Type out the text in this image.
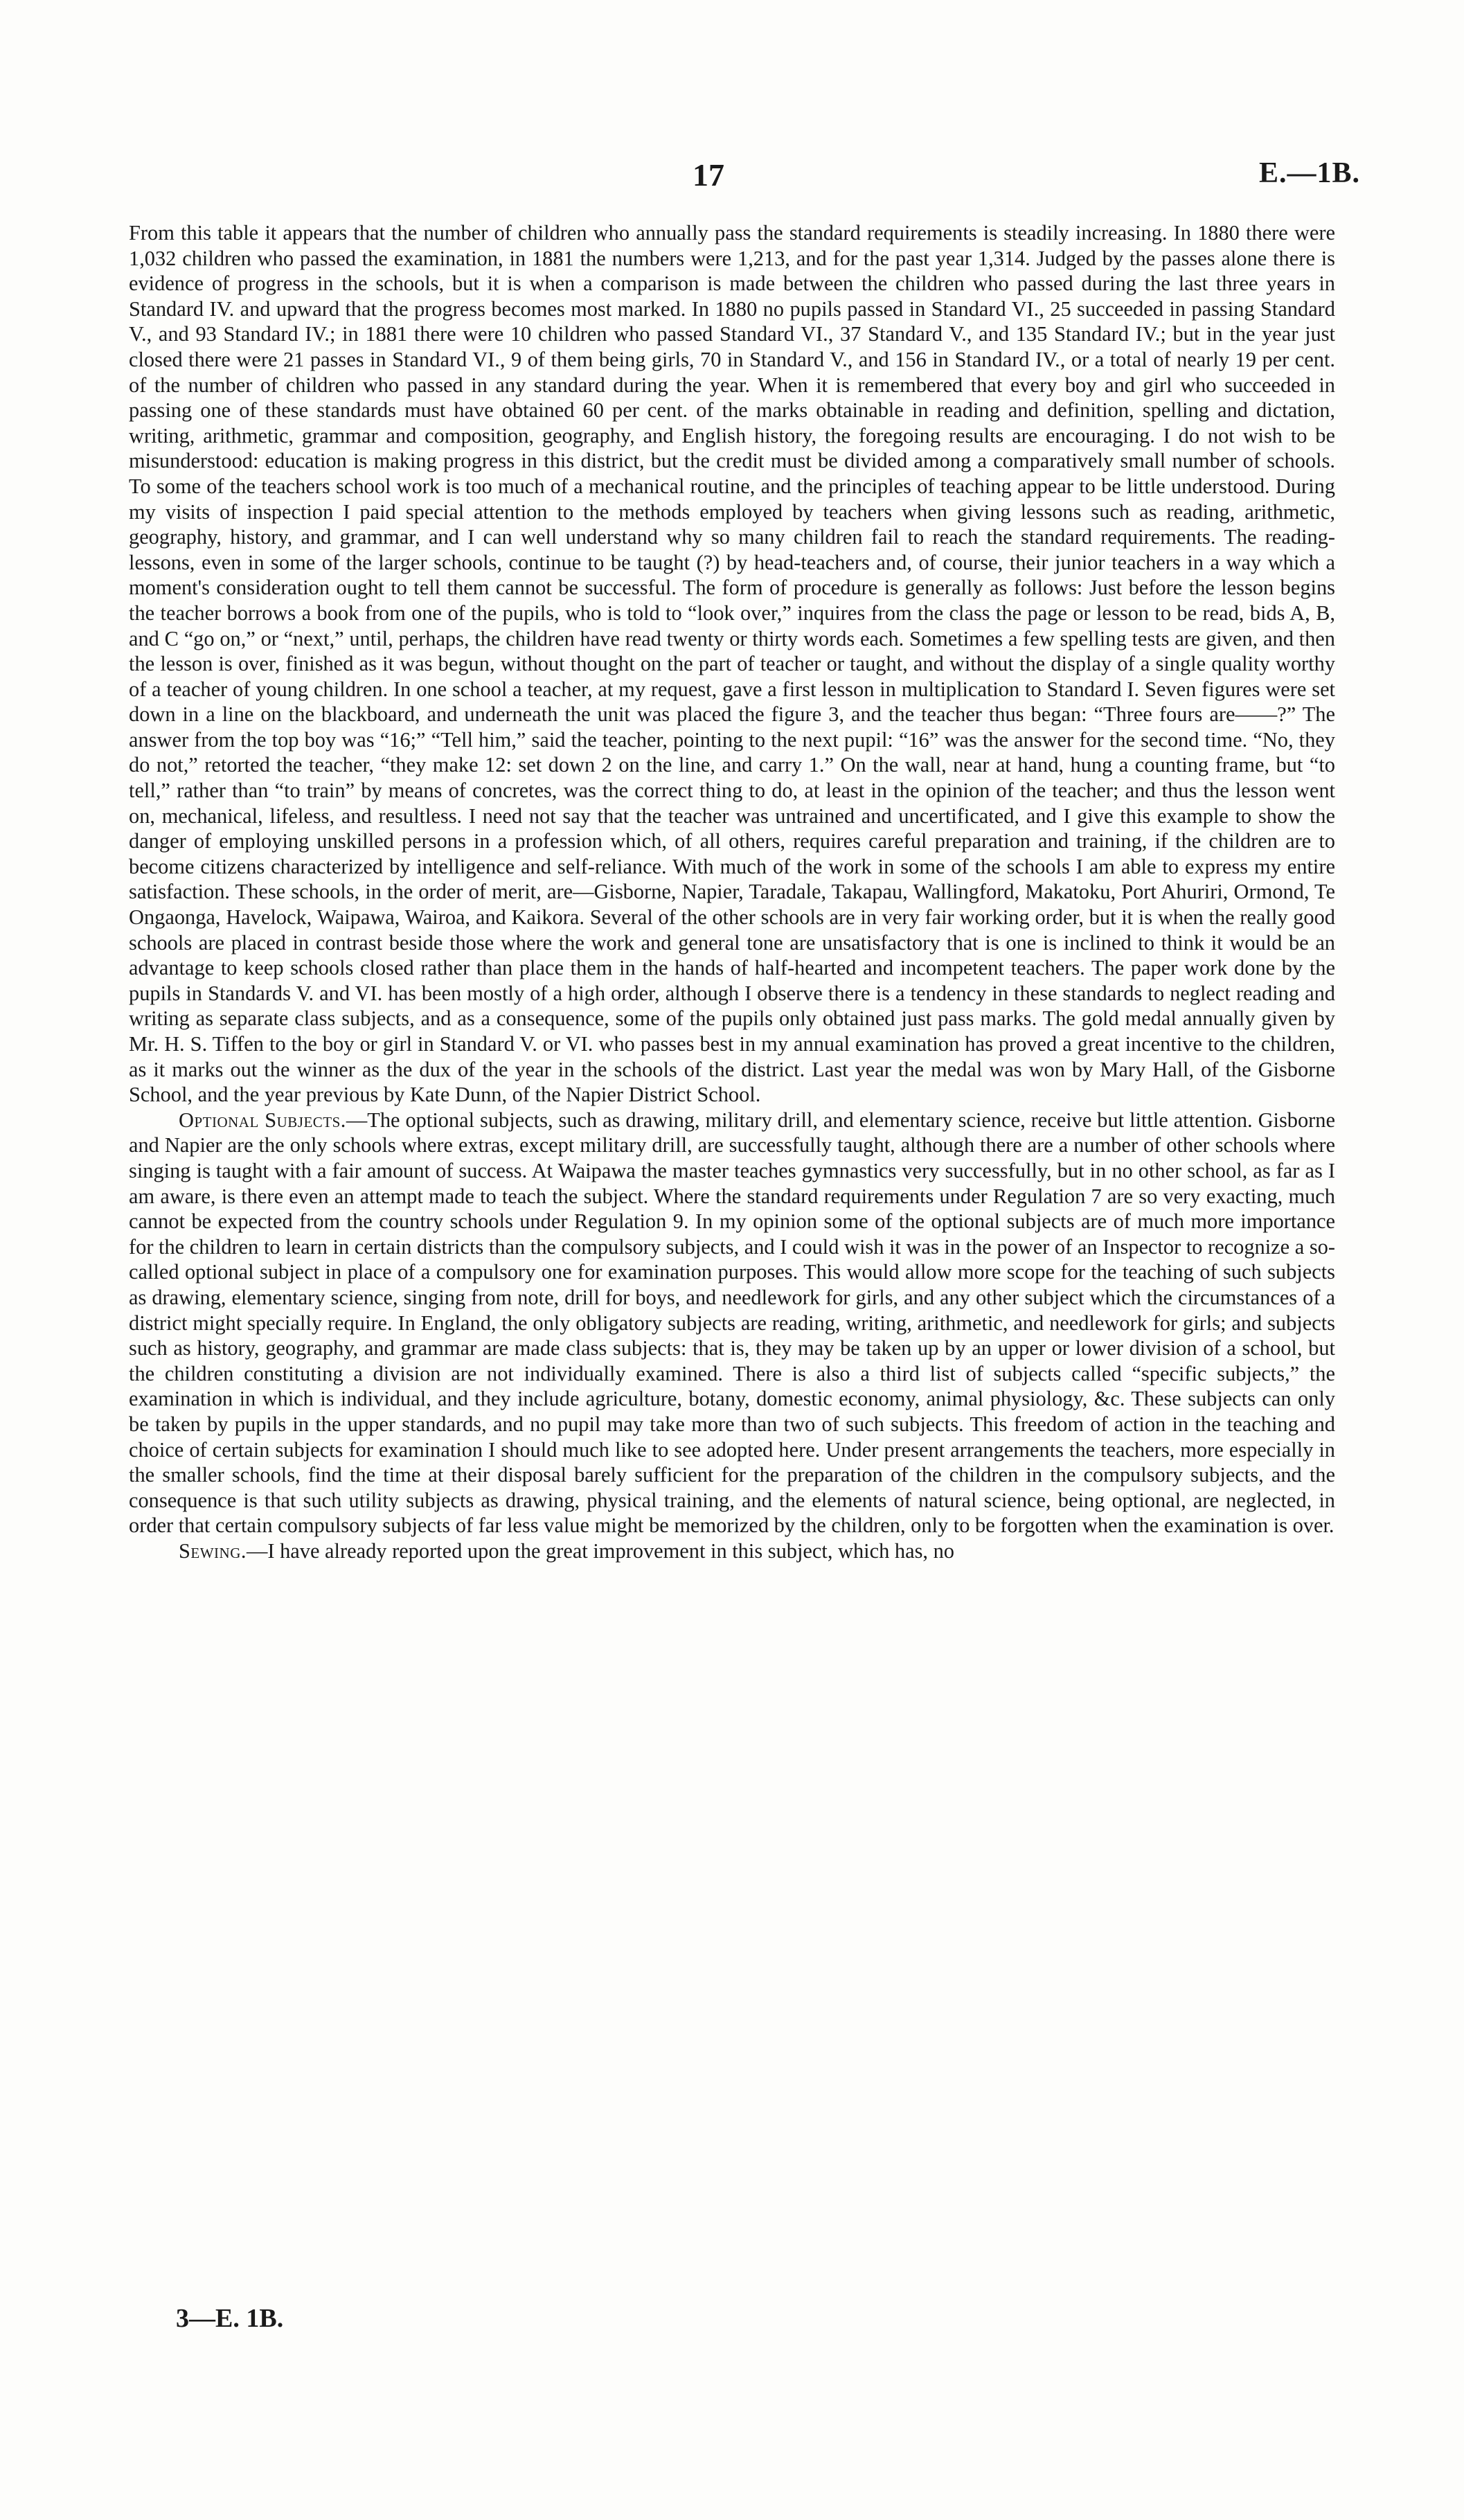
17	E.—1B.

From this table it appears that the number of children who annually pass the standard requirements is steadily increasing. In 1880 there were 1,032 children who passed the examination, in 1881 the numbers were 1,213, and for the past year 1,314. Judged by the passes alone there is evidence of progress in the schools, but it is when a comparison is made between the children who passed during the last three years in Standard IV. and upward that the progress becomes most marked. In 1880 no pupils passed in Standard VI., 25 succeeded in passing Standard V., and 93 Standard IV.; in 1881 there were 10 children who passed Standard VI., 37 Standard V., and 135 Standard IV.; but in the year just closed there were 21 passes in Standard VI., 9 of them being girls, 70 in Standard V., and 156 in Standard IV., or a total of nearly 19 per cent. of the number of children who passed in any standard during the year. When it is remembered that every boy and girl who succeeded in passing one of these standards must have obtained 60 per cent. of the marks obtainable in reading and definition, spelling and dictation, writing, arithmetic, grammar and composition, geography, and English history, the foregoing results are encouraging. I do not wish to be misunderstood: education is making progress in this district, but the credit must be divided among a comparatively small number of schools. To some of the teachers school work is too much of a mechanical routine, and the principles of teaching appear to be little understood. During my visits of inspection I paid special attention to the methods employed by teachers when giving lessons such as reading, arithmetic, geography, history, and grammar, and I can well understand why so many children fail to reach the standard requirements. The reading-lessons, even in some of the larger schools, continue to be taught (?) by head-teachers and, of course, their junior teachers in a way which a moment's consideration ought to tell them cannot be successful. The form of procedure is generally as follows: Just before the lesson begins the teacher borrows a book from one of the pupils, who is told to “look over,” inquires from the class the page or lesson to be read, bids A, B, and C “go on,” or “next,” until, perhaps, the children have read twenty or thirty words each. Sometimes a few spelling tests are given, and then the lesson is over, finished as it was begun, without thought on the part of teacher or taught, and without the display of a single quality worthy of a teacher of young children. In one school a teacher, at my request, gave a first lesson in multiplication to Standard I. Seven figures were set down in a line on the blackboard, and underneath the unit was placed the figure 3, and the teacher thus began: “Three fours are——?” The answer from the top boy was “16;” “Tell him,” said the teacher, pointing to the next pupil: “16” was the answer for the second time. “No, they do not,” retorted the teacher, “they make 12: set down 2 on the line, and carry 1.” On the wall, near at hand, hung a counting frame, but “to tell,” rather than “to train” by means of concretes, was the correct thing to do, at least in the opinion of the teacher; and thus the lesson went on, mechanical, lifeless, and resultless. I need not say that the teacher was untrained and uncertificated, and I give this example to show the danger of employing unskilled persons in a profession which, of all others, requires careful preparation and training, if the children are to become citizens characterized by intelligence and self-reliance. With much of the work in some of the schools I am able to express my entire satisfaction. These schools, in the order of merit, are—Gisborne, Napier, Taradale, Takapau, Wallingford, Makatoku, Port Ahuriri, Ormond, Te Ongaonga, Havelock, Waipawa, Wairoa, and Kaikora. Several of the other schools are in very fair working order, but it is when the really good schools are placed in contrast beside those where the work and general tone are unsatisfactory that is one is inclined to think it would be an advantage to keep schools closed rather than place them in the hands of half-hearted and incompetent teachers. The paper work done by the pupils in Standards V. and VI. has been mostly of a high order, although I observe there is a tendency in these standards to neglect reading and writing as separate class subjects, and as a consequence, some of the pupils only obtained just pass marks. The gold medal annually given by Mr. H. S. Tiffen to the boy or girl in Standard V. or VI. who passes best in my annual examination has proved a great incentive to the children, as it marks out the winner as the dux of the year in the schools of the district. Last year the medal was won by Mary Hall, of the Gisborne School, and the year previous by Kate Dunn, of the Napier District School.

Optional Subjects.—The optional subjects, such as drawing, military drill, and elementary science, receive but little attention. Gisborne and Napier are the only schools where extras, except military drill, are successfully taught, although there are a number of other schools where singing is taught with a fair amount of success. At Waipawa the master teaches gymnastics very successfully, but in no other school, as far as I am aware, is there even an attempt made to teach the subject. Where the standard requirements under Regulation 7 are so very exacting, much cannot be expected from the country schools under Regulation 9. In my opinion some of the optional subjects are of much more importance for the children to learn in certain districts than the compulsory subjects, and I could wish it was in the power of an Inspector to recognize a so-called optional subject in place of a compulsory one for examination purposes. This would allow more scope for the teaching of such subjects as drawing, elementary science, singing from note, drill for boys, and needlework for girls, and any other subject which the circumstances of a district might specially require. In England, the only obligatory subjects are reading, writing, arithmetic, and needlework for girls; and subjects such as history, geography, and grammar are made class subjects: that is, they may be taken up by an upper or lower division of a school, but the children constituting a division are not individually examined. There is also a third list of subjects called “specific subjects,” the examination in which is individual, and they include agriculture, botany, domestic economy, animal physiology, &c. These subjects can only be taken by pupils in the upper standards, and no pupil may take more than two of such subjects. This freedom of action in the teaching and choice of certain subjects for examination I should much like to see adopted here. Under present arrangements the teachers, more especially in the smaller schools, find the time at their disposal barely sufficient for the preparation of the children in the compulsory subjects, and the consequence is that such utility subjects as drawing, physical training, and the elements of natural science, being optional, are neglected, in order that certain compulsory subjects of far less value might be memorized by the children, only to be forgotten when the examination is over.

Sewing.—I have already reported upon the great improvement in this subject, which has, no

3—E. 1B.
